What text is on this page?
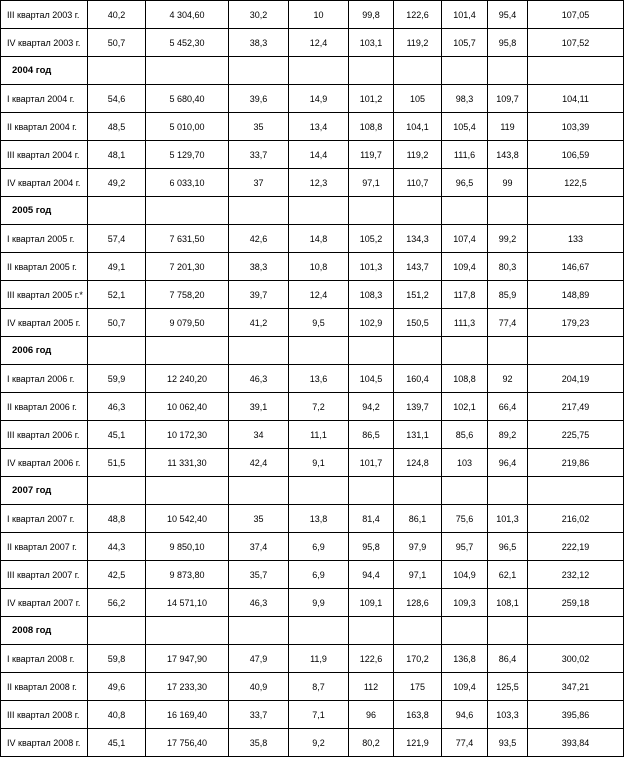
III квартал 2003 г.	40,2	4 304,60	30,2	10	99,8	122,6	101,4	95,4	107,05
IV квартал 2003 г.	50,7	5 452,30	38,3	12,4	103,1	119,2	105,7	95,8	107,52
2004 год									
I квартал 2004 г.	54,6	5 680,40	39,6	14,9	101,2	105	98,3	109,7	104,11
II квартал 2004 г.	48,5	5 010,00	35	13,4	108,8	104,1	105,4	119	103,39
III квартал 2004 г.	48,1	5 129,70	33,7	14,4	119,7	119,2	111,6	143,8	106,59
IV квартал 2004 г.	49,2	6 033,10	37	12,3	97,1	110,7	96,5	99	122,5
2005 год									
I квартал 2005 г.	57,4	7 631,50	42,6	14,8	105,2	134,3	107,4	99,2	133
II квартал 2005 г.	49,1	7 201,30	38,3	10,8	101,3	143,7	109,4	80,3	146,67
III квартал 2005 г.*	52,1	7 758,20	39,7	12,4	108,3	151,2	117,8	85,9	148,89
IV квартал 2005 г.	50,7	9 079,50	41,2	9,5	102,9	150,5	111,3	77,4	179,23
2006 год									
I квартал 2006 г.	59,9	12 240,20	46,3	13,6	104,5	160,4	108,8	92	204,19
II квартал 2006 г.	46,3	10 062,40	39,1	7,2	94,2	139,7	102,1	66,4	217,49
III квартал 2006 г.	45,1	10 172,30	34	11,1	86,5	131,1	85,6	89,2	225,75
IV квартал 2006 г.	51,5	11 331,30	42,4	9,1	101,7	124,8	103	96,4	219,86
2007 год									
I квартал 2007 г.	48,8	10 542,40	35	13,8	81,4	86,1	75,6	101,3	216,02
II квартал 2007 г.	44,3	9 850,10	37,4	6,9	95,8	97,9	95,7	96,5	222,19
III квартал 2007 г.	42,5	9 873,80	35,7	6,9	94,4	97,1	104,9	62,1	232,12
IV квартал 2007 г.	56,2	14 571,10	46,3	9,9	109,1	128,6	109,3	108,1	259,18
2008 год									
I квартал 2008 г.	59,8	17 947,90	47,9	11,9	122,6	170,2	136,8	86,4	300,02
II квартал 2008 г.	49,6	17 233,30	40,9	8,7	112	175	109,4	125,5	347,21
III квартал 2008 г.	40,8	16 169,40	33,7	7,1	96	163,8	94,6	103,3	395,86
IV квартал 2008 г.	45,1	17 756,40	35,8	9,2	80,2	121,9	77,4	93,5	393,84
